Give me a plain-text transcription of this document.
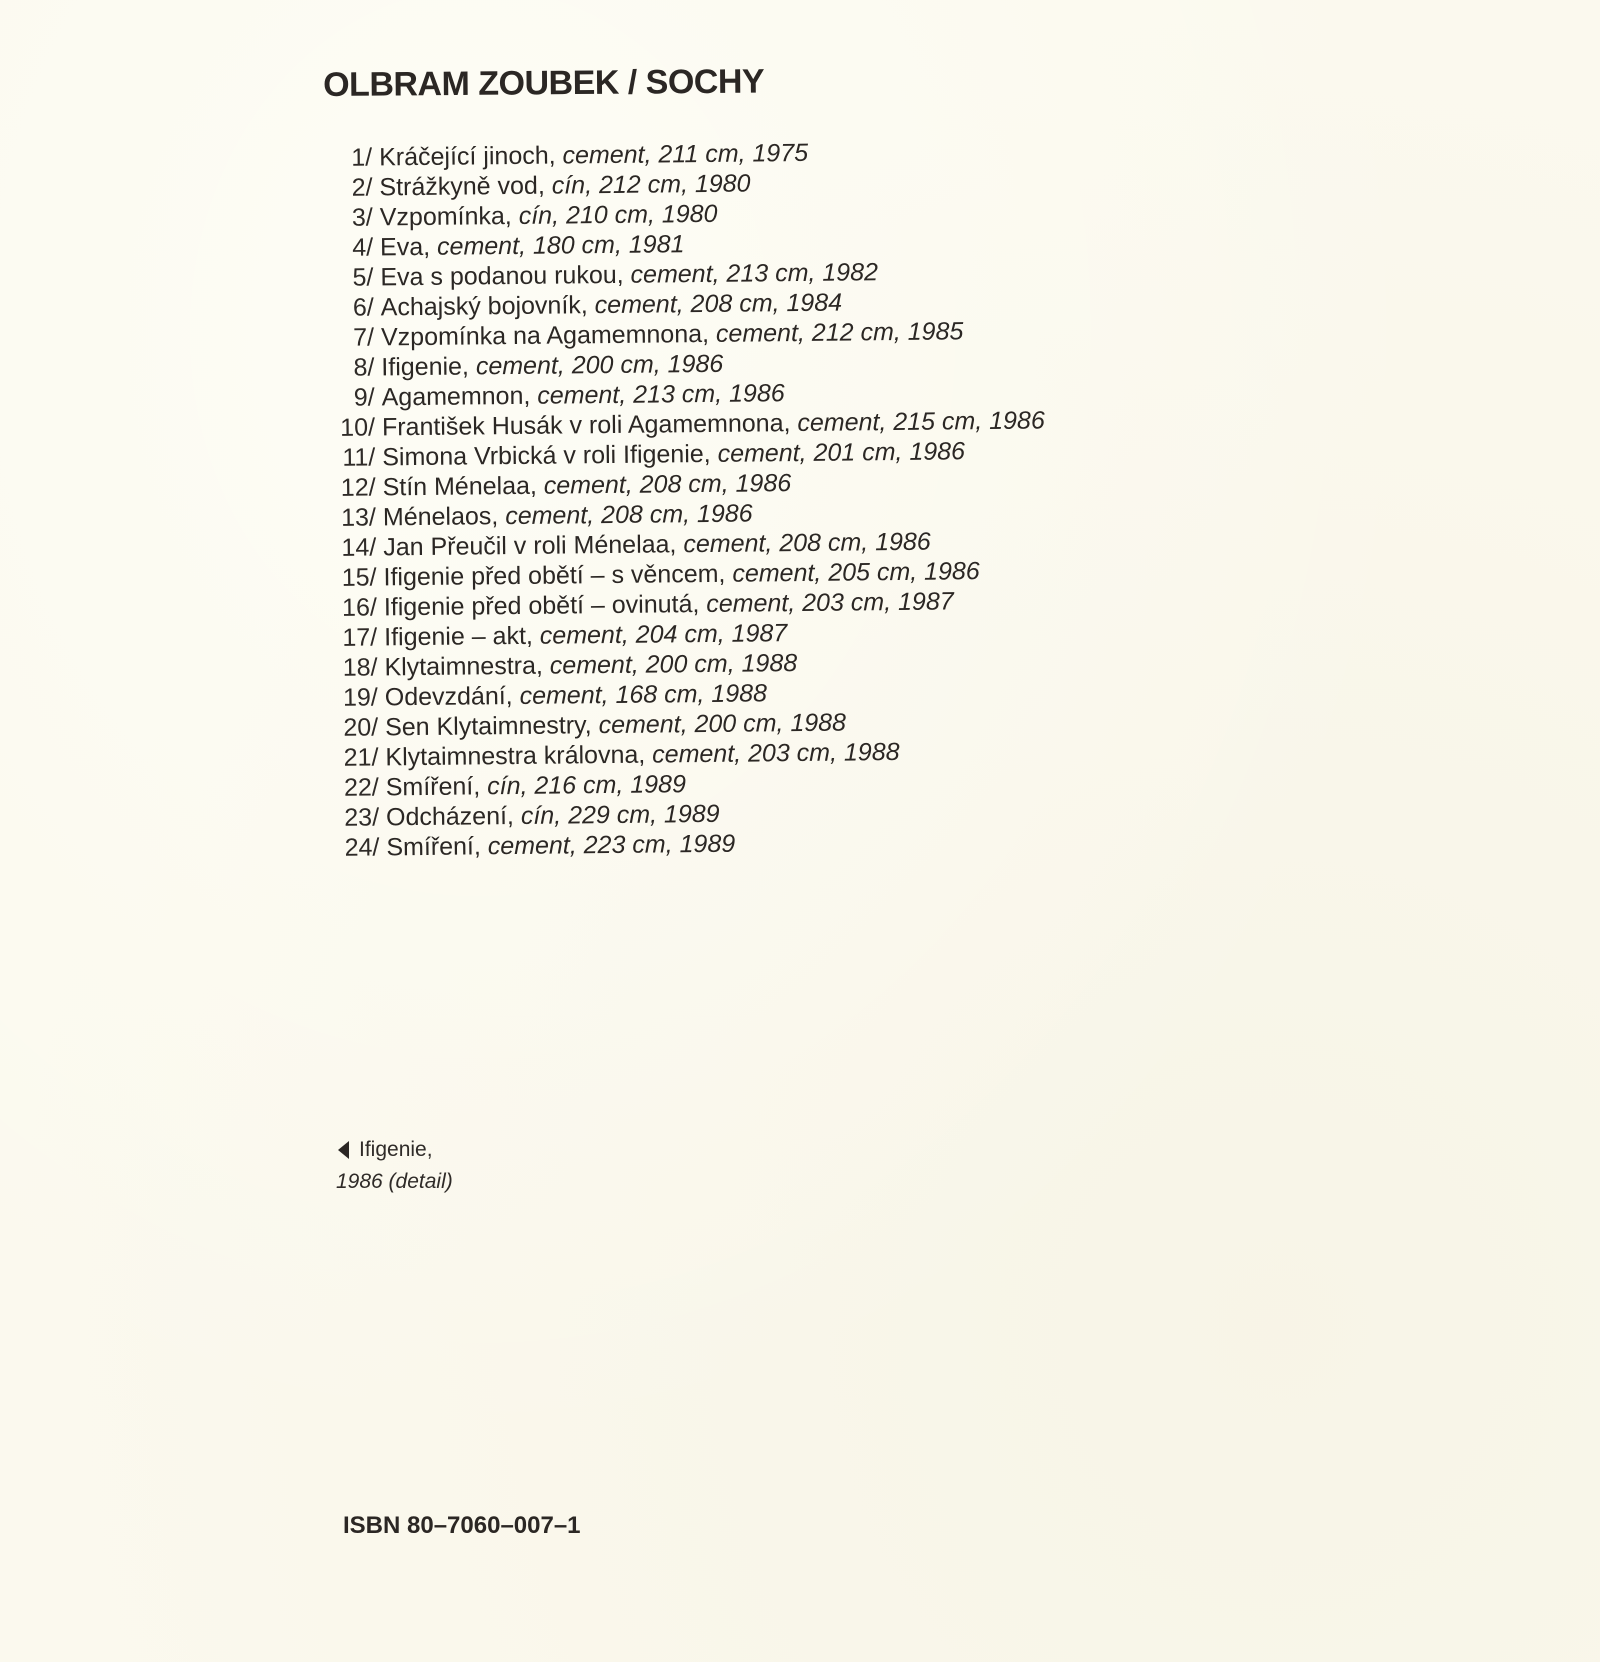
OLBRAM ZOUBEK / SOCHY
1/ Kráčející jinoch,
cement, 211 cm, 1975
2/ Strážkyně vod,
cín, 212 cm, 1980
3/ Vzpomínka,
cín, 210 cm, 1980
4/ Eva,
cement, 180 cm, 1981
5/ Eva s podanou rukou,
cement, 213 cm, 1982
6/ Achajský bojovník,
cement, 208 cm, 1984
7/ Vzpomínka na Agamemnona,
cement, 212 cm, 1985
8/ Ifigenie,
cement, 200 cm, 1986
9/ Agamemnon,
cement, 213 cm, 1986
10/ František Husák v roli Agamemnona,
cement, 215 cm, 1986
11/ Simona Vrbická v roli Ifigenie,
cement, 201 cm, 1986
12/ Stín Ménelaa,
cement, 208 cm, 1986
13/ Ménelaos,
cement, 208 cm, 1986
14/ Jan Přeučil v roli Ménelaa,
cement, 208 cm, 1986
15/ Ifigenie před obětí – s věncem,
cement, 205 cm, 1986
16/ Ifigenie před obětí – ovinutá,
cement, 203 cm, 1987
17/ Ifigenie – akt,
cement, 204 cm, 1987
18/ Klytaimnestra,
cement, 200 cm, 1988
19/ Odevzdání,
cement, 168 cm, 1988
20/ Sen Klytaimnestry,
cement, 200 cm, 1988
21/ Klytaimnestra královna,
cement, 203 cm, 1988
22/ Smíření,
cín, 216 cm, 1989
23/ Odcházení,
cín, 229 cm, 1989
24/ Smíření,
cement, 223 cm, 1989
Ifigenie,
1986 (detail)
ISBN 80–7060–007–1
